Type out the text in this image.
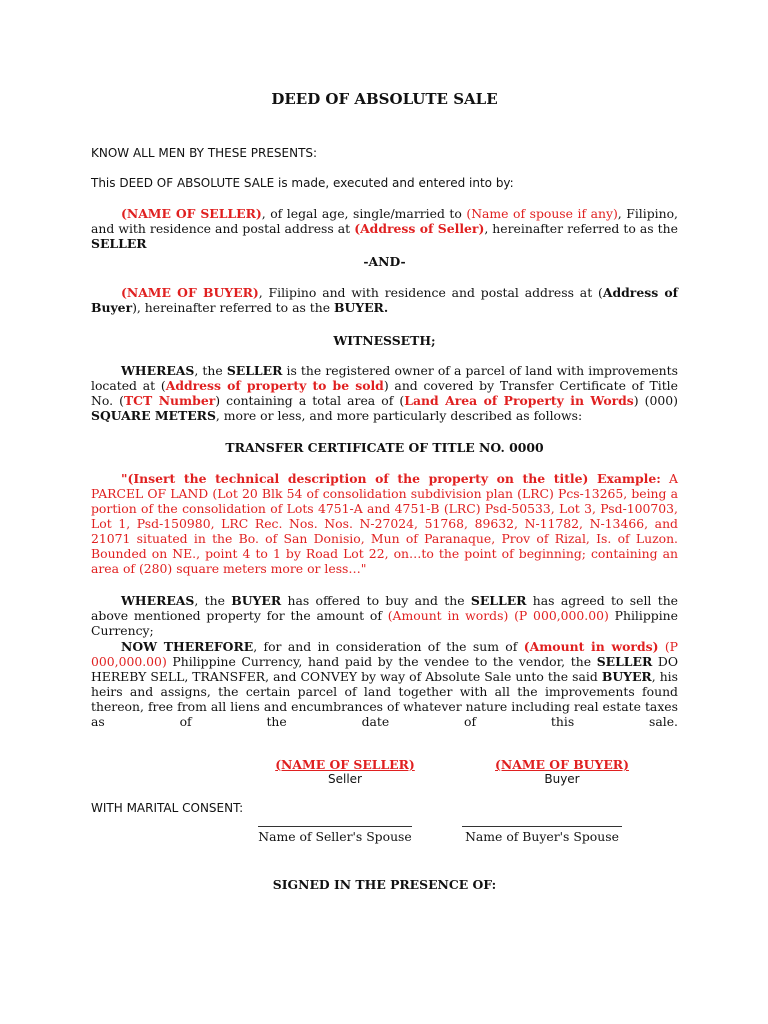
DEED OF ABSOLUTE SALE
KNOW ALL MEN BY THESE PRESENTS:
This DEED OF ABSOLUTE SALE is made, executed and entered into by:

(NAME OF SELLER), of legal age, single/married to (Name of spouse if any), Filipino, and with residence and postal address at (Address of Seller), hereinafter referred to as the SELLER

-AND-

(NAME OF BUYER), Filipino and with residence and postal address at (Address of Buyer), hereinafter referred to as the BUYER.

WITNESSETH;

WHEREAS, the SELLER is the registered owner of a parcel of land with improvements located at (Address of property to be sold) and covered by Transfer Certificate of Title No. (TCT Number) containing a total area of (Land Area of Property in Words) (000) SQUARE METERS, more or less, and more particularly described as follows:

TRANSFER CERTIFICATE OF TITLE NO. 0000

"(Insert the technical description of the property on the title) Example: A PARCEL OF LAND (Lot 20 Blk 54 of consolidation subdivision plan (LRC) Pcs-13265, being a portion of the consolidation of Lots 4751-A and 4751-B (LRC) Psd-50533, Lot 3, Psd-100703, Lot 1, Psd-150980, LRC Rec. Nos. Nos. N-27024, 51768, 89632, N-11782, N-13466, and 21071 situated in the Bo. of San Donisio, Mun of Paranaque, Prov of Rizal, Is. of Luzon. Bounded on NE., point 4 to 1 by Road Lot 22, on…to the point of beginning; containing an area of (280) square meters more or less…"

WHEREAS, the BUYER has offered to buy and the SELLER has agreed to sell the above mentioned property for the amount of (Amount in words) (P 000,000.00) Philippine Currency;

NOW THEREFORE, for and in consideration of the sum of (Amount in words) (P 000,000.00) Philippine Currency, hand paid by the vendee to the vendor, the SELLER DO HEREBY SELL, TRANSFER, and CONVEY by way of Absolute Sale unto the said BUYER, his heirs and assigns, the certain parcel of land together with all the improvements found thereon, free from all liens and encumbrances of whatever nature including real estate taxes as of the date of this sale.

(NAME OF SELLER)
Seller
(NAME OF BUYER)
Buyer
WITH MARITAL CONSENT:
Name of Seller's Spouse	Name of Buyer's Spouse
SIGNED IN THE PRESENCE OF:
